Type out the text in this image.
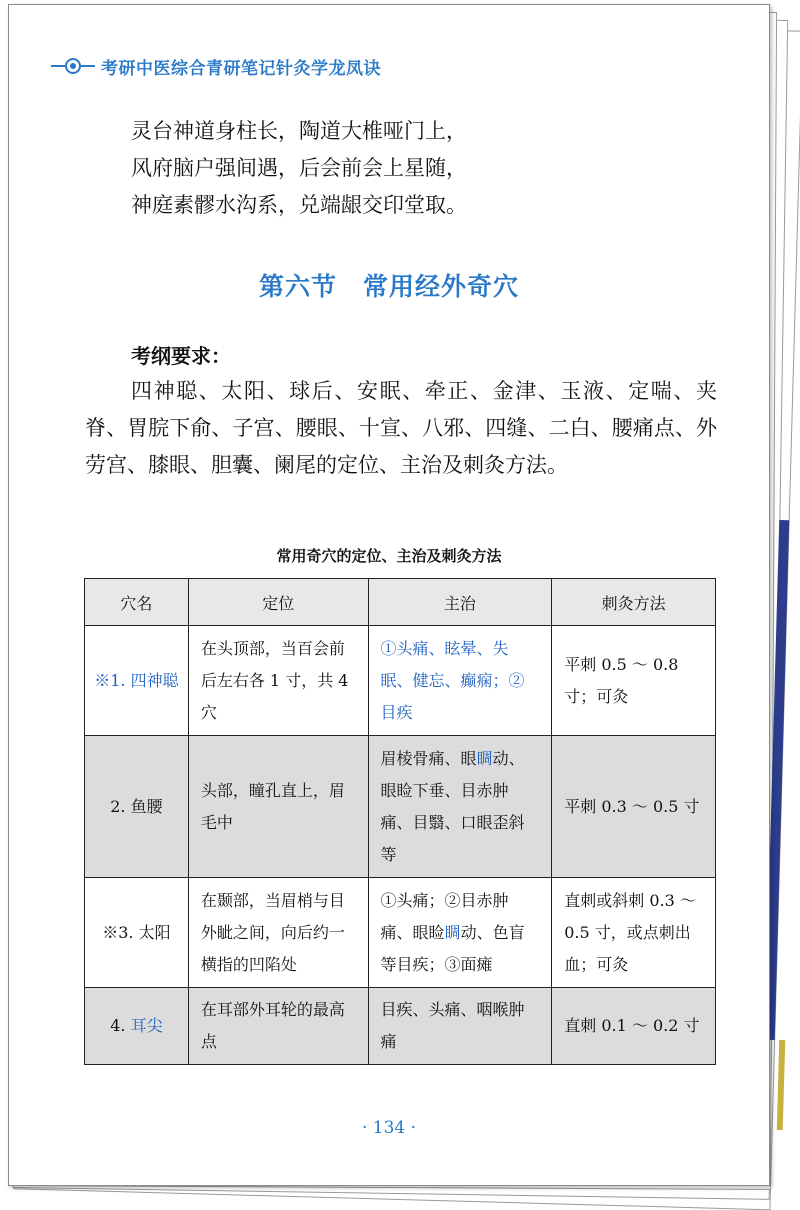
考研中医综合青研笔记针灸学龙凤诀
灵台神道身柱长，陶道大椎哑门上，
风府脑户强间遇，后会前会上星随，
神庭素髎水沟系，兑端龈交印堂取。
第六节　常用经外奇穴
考纲要求：
四神聪、太阳、球后、安眠、牵正、金津、玉液、定喘、夹脊、胃脘下俞、子宫、腰眼、十宣、八邪、四缝、二白、腰痛点、外劳宫、膝眼、胆囊、阑尾的定位、主治及刺灸方法。
常用奇穴的定位、主治及刺灸方法
穴名	定位	主治	刺灸方法
※1. 四神聪	在头顶部，当百会前后左右各 1 寸，共 4 穴	①头痛、眩晕、失眠、健忘、癫痫；②目疾	平刺 0.5 ～ 0.8 寸；可灸
2. 鱼腰	头部，瞳孔直上，眉毛中	眉棱骨痛、眼睭动、眼睑下垂、目赤肿痛、目翳、口眼歪斜等	平刺 0.3 ～ 0.5 寸
※3. 太阳	在颞部，当眉梢与目外眦之间，向后约一横指的凹陷处	①头痛；②目赤肿痛、眼睑睭动、色盲等目疾；③面瘫	直刺或斜刺 0.3 ～ 0.5 寸，或点刺出血；可灸
4. 耳尖	在耳部外耳轮的最高点	目疾、头痛、咽喉肿痛	直刺 0.1 ～ 0.2 寸
· 134 ·
